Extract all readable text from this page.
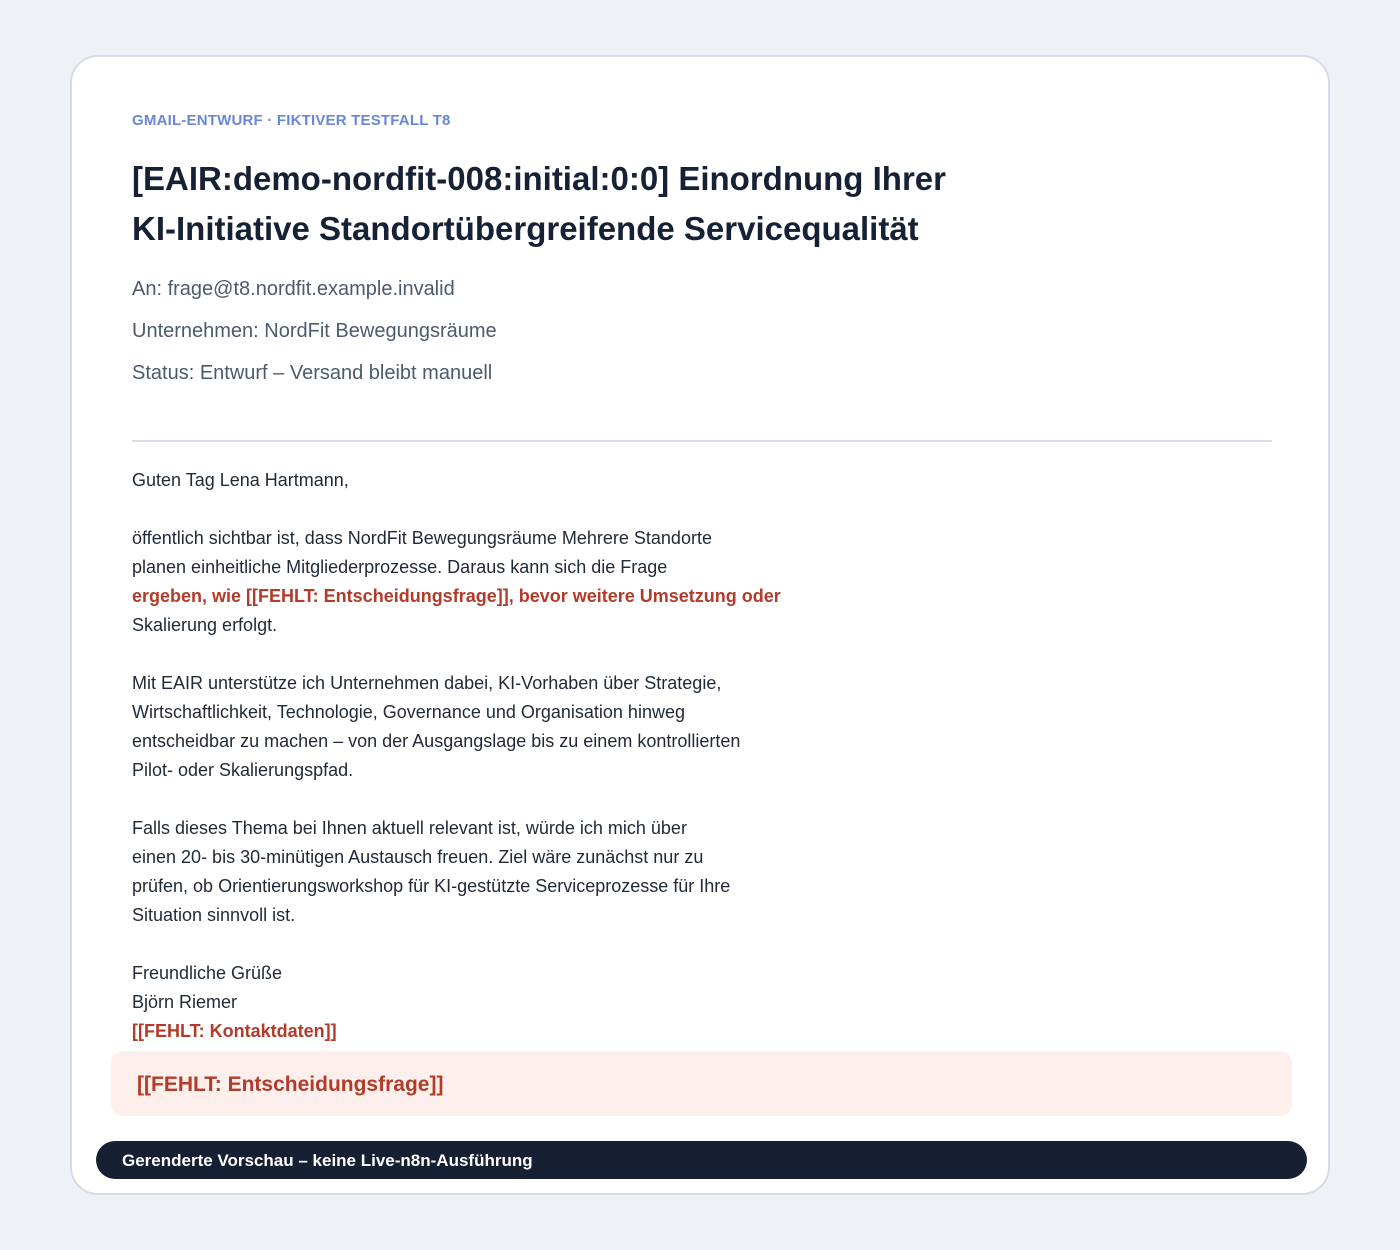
GMAIL-ENTWURF · FIKTIVER TESTFALL T8
[EAIR:demo-nordfit-008:initial:0:0] Einordnung Ihrer
KI-Initiative Standortübergreifende Servicequalität
An: frage@t8.nordfit.example.invalid
Unternehmen: NordFit Bewegungsräume
Status: Entwurf – Versand bleibt manuell

Guten Tag Lena Hartmann,

öffentlich sichtbar ist, dass NordFit Bewegungsräume Mehrere Standorte
planen einheitliche Mitgliederprozesse. Daraus kann sich die Frage
ergeben, wie [[FEHLT: Entscheidungsfrage]], bevor weitere Umsetzung oder
Skalierung erfolgt.

Mit EAIR unterstütze ich Unternehmen dabei, KI-Vorhaben über Strategie,
Wirtschaftlichkeit, Technologie, Governance und Organisation hinweg
entscheidbar zu machen – von der Ausgangslage bis zu einem kontrollierten
Pilot- oder Skalierungspfad.

Falls dieses Thema bei Ihnen aktuell relevant ist, würde ich mich über
einen 20- bis 30-minütigen Austausch freuen. Ziel wäre zunächst nur zu
prüfen, ob Orientierungsworkshop für KI-gestützte Serviceprozesse für Ihre
Situation sinnvoll ist.

Freundliche Grüße
Björn Riemer
[[FEHLT: Kontaktdaten]]

[[FEHLT: Entscheidungsfrage]]
Gerenderte Vorschau – keine Live-n8n-Ausführung
